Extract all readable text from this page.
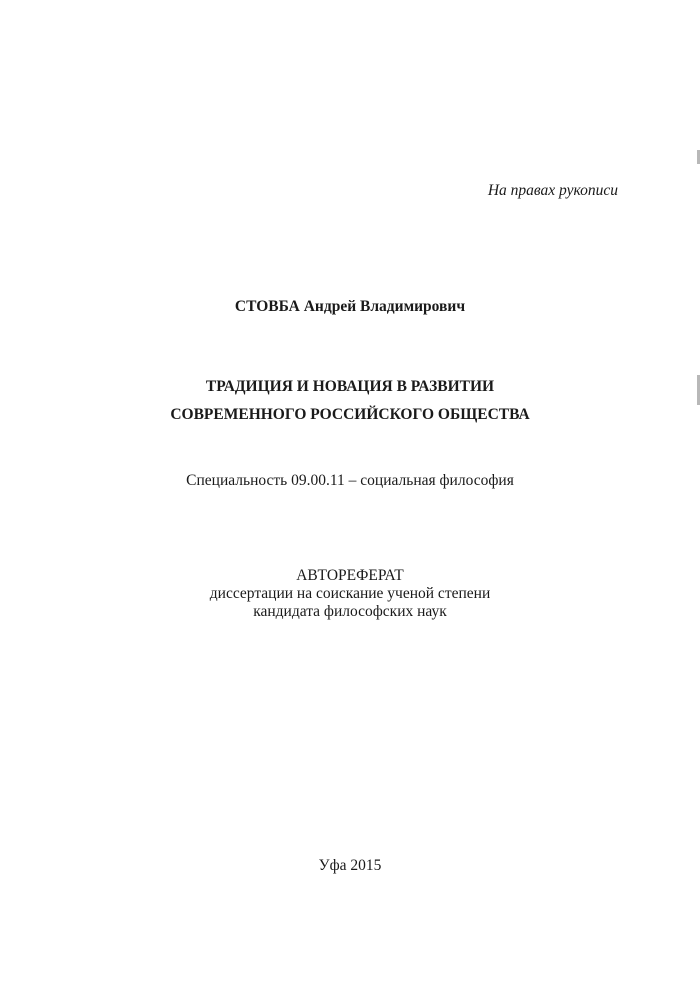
На правах рукописи
СТОВБА Андрей Владимирович
ТРАДИЦИЯ И НОВАЦИЯ В РАЗВИТИИ
СОВРЕМЕННОГО РОССИЙСКОГО ОБЩЕСТВА
Специальность 09.00.11 – социальная философия
АВТОРЕФЕРАТ
диссертации на соискание ученой степени
кандидата философских наук
Уфа 2015
